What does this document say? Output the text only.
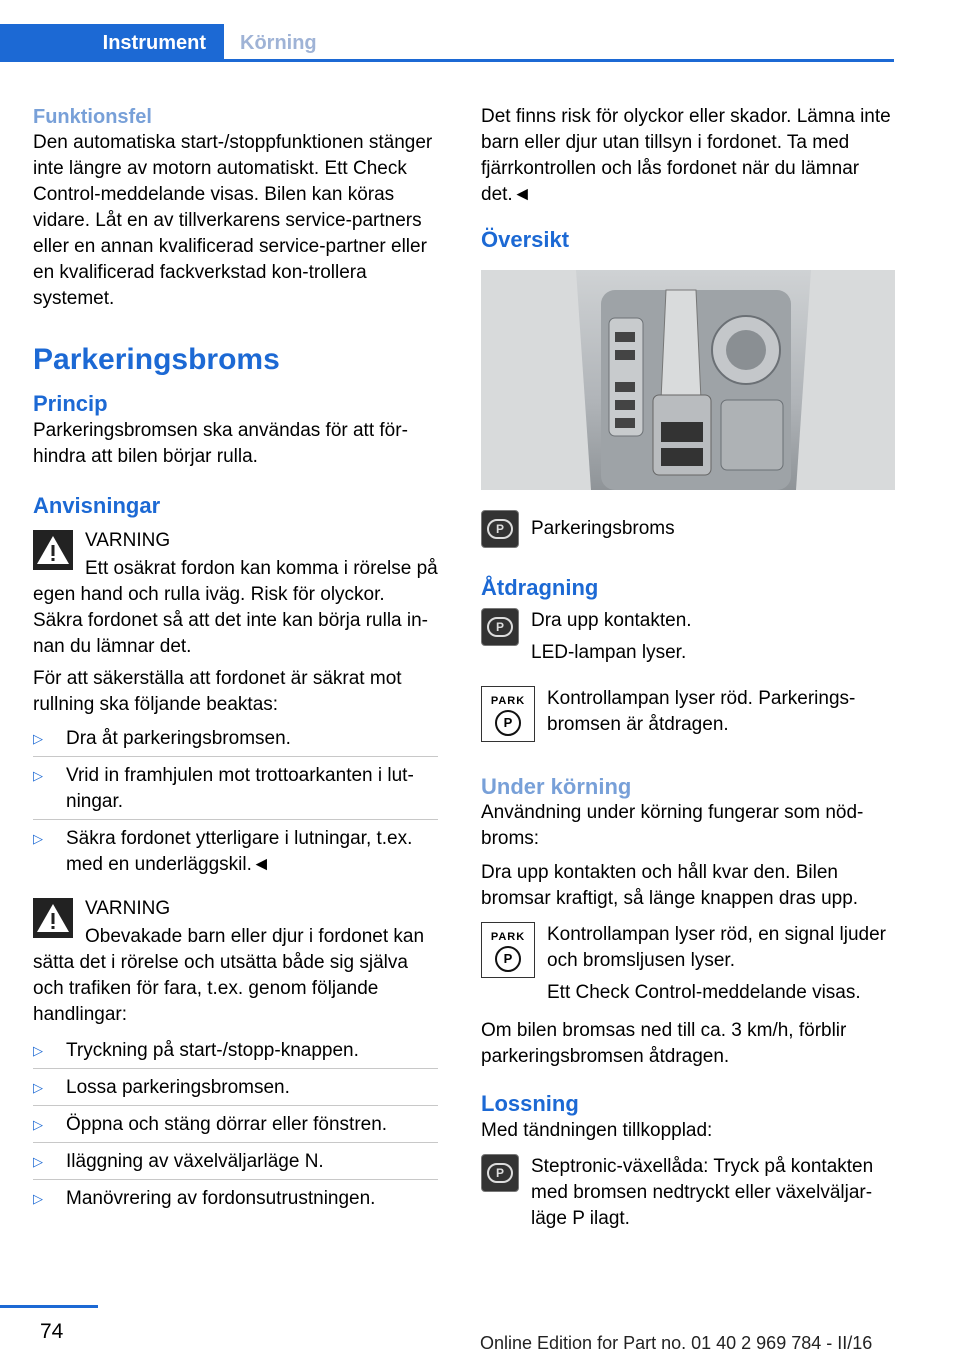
Instrument	Körning
Funktionsfel

Den automatiska start-/stoppfunktionen stänger inte längre av motorn automatiskt. Ett Check Control-meddelande visas. Bilen kan köras vidare. Låt en av tillverkarens service-partners eller en annan kvalificerad service-partner eller en kvalificerad fackverkstad kon-trollera systemet.

Parkeringsbroms
Princip

Parkeringsbromsen ska användas för att för-hindra att bilen börjar rulla.

Anvisningar
VARNING

Ett osäkrat fordon kan komma i rörelse på egen hand och rulla iväg. Risk för olyckor. Säkra fordonet så att det inte kan börja rulla in-nan du lämnar det.

För att säkerställa att fordonet är säkrat mot rullning ska följande beaktas:

▷ Dra åt parkeringsbromsen.
▷ Vrid in framhjulen mot trottoarkanten i lut-ningar.
▷ Säkra fordonet ytterligare i lutningar, t.ex. med en underläggskil.◄
VARNING

Obevakade barn eller djur i fordonet kan sätta det i rörelse och utsätta både sig själva och trafiken för fara, t.ex. genom följande handlingar:

▷ Tryckning på start-/stopp-knappen.
▷ Lossa parkeringsbromsen.
▷ Öppna och stäng dörrar eller fönstren.
▷ Iläggning av växelväljarläge N.
▷ Manövrering av fordonsutrustningen.

Det finns risk för olyckor eller skador. Lämna inte barn eller djur utan tillsyn i fordonet. Ta med fjärrkontrollen och lås fordonet när du lämnar det.◄

Översikt
P	Parkeringsbroms
Åtdragning
P	Dra upp kontakten.
LED-lampan lyser.
PARK
P
Kontrollampan lyser röd. Parkerings-bromsen är åtdragen.
Under körning

Användning under körning fungerar som nöd-broms:

Dra upp kontakten och håll kvar den. Bilen bromsar kraftigt, så länge knappen dras upp.

PARK
P
Kontrollampan lyser röd, en signal ljuder och bromsljusen lyser.
Ett Check Control-meddelande visas.

Om bilen bromsas ned till ca. 3 km/h, förblir parkeringsbromsen åtdragen.

Lossning

Med tändningen tillkopplad:

P	Steptronic-växellåda: Tryck på kontakten med bromsen nedtryckt eller växelväljar-läge P ilagt.

74	Online Edition for Part no. 01 40 2 969 784 - II/16
